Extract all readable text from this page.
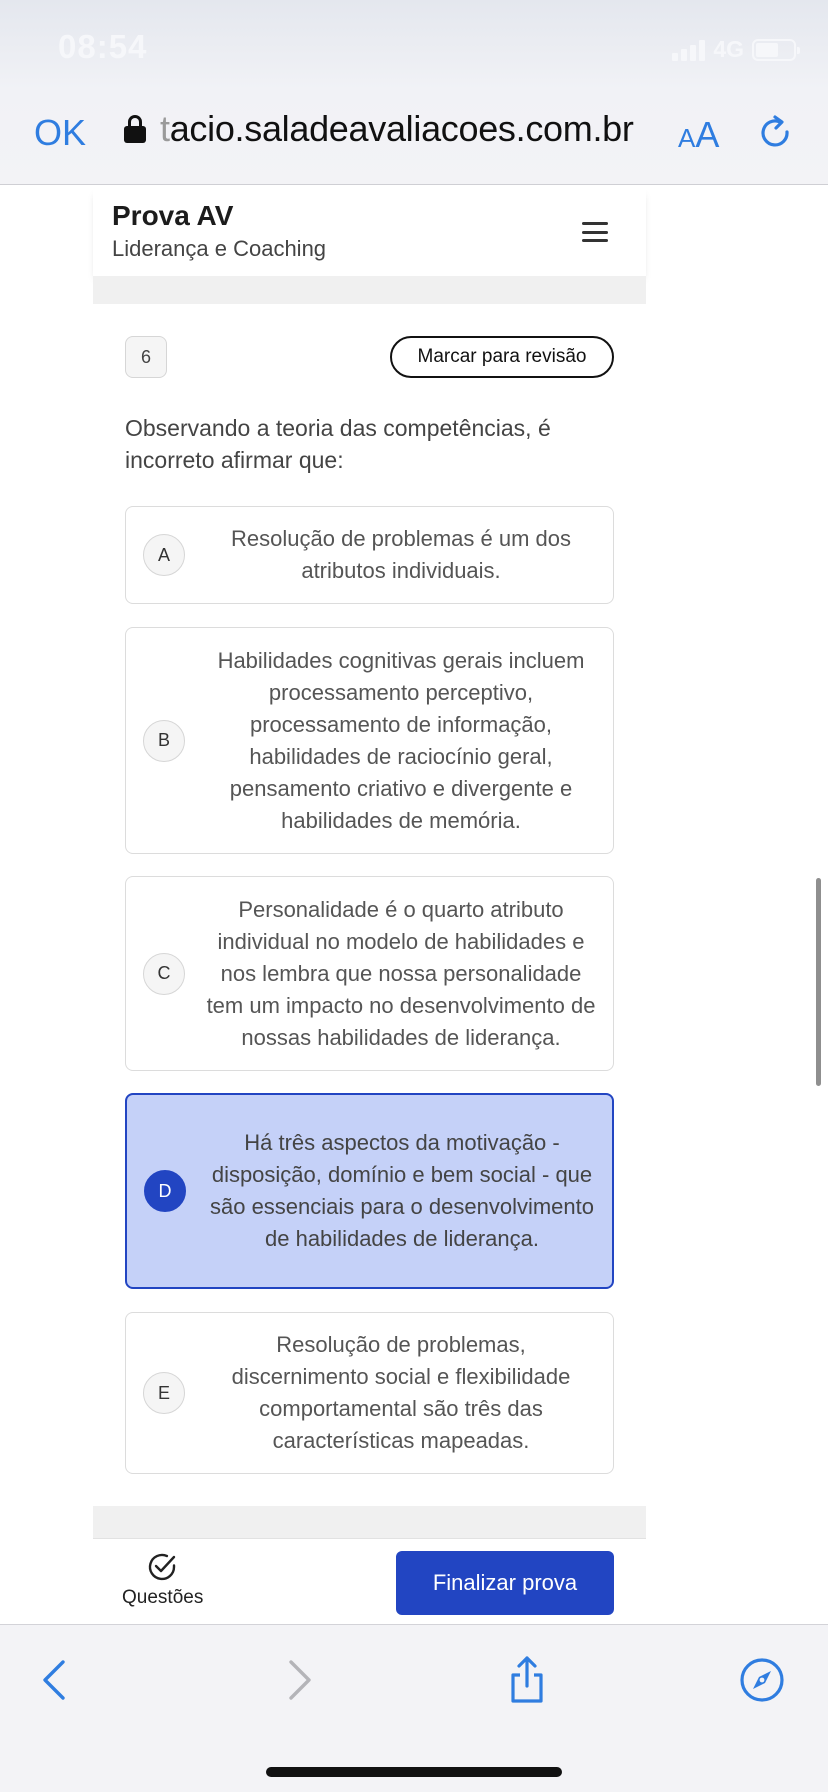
08:54	4G
OK tacio.saladeavaliacoes.com.br AA
Prova AV
Liderança e Coaching
6	Marcar para revisão
Observando a teoria das competências, é incorreto afirmar que:
A
Resolução de problemas é um dos atributos individuais.
B
Habilidades cognitivas gerais incluem processamento perceptivo, processamento de informação, habilidades de raciocínio geral, pensamento criativo e divergente e habilidades de memória.
C
Personalidade é o quarto atributo individual no modelo de habilidades e nos lembra que nossa personalidade tem um impacto no desenvolvimento de nossas habilidades de liderança.
D
Há três aspectos da motivação - disposição, domínio e bem social - que são essenciais para o desenvolvimento de habilidades de liderança.
E
Resolução de problemas, discernimento social e flexibilidade comportamental são três das características mapeadas.
Questões
Finalizar prova
